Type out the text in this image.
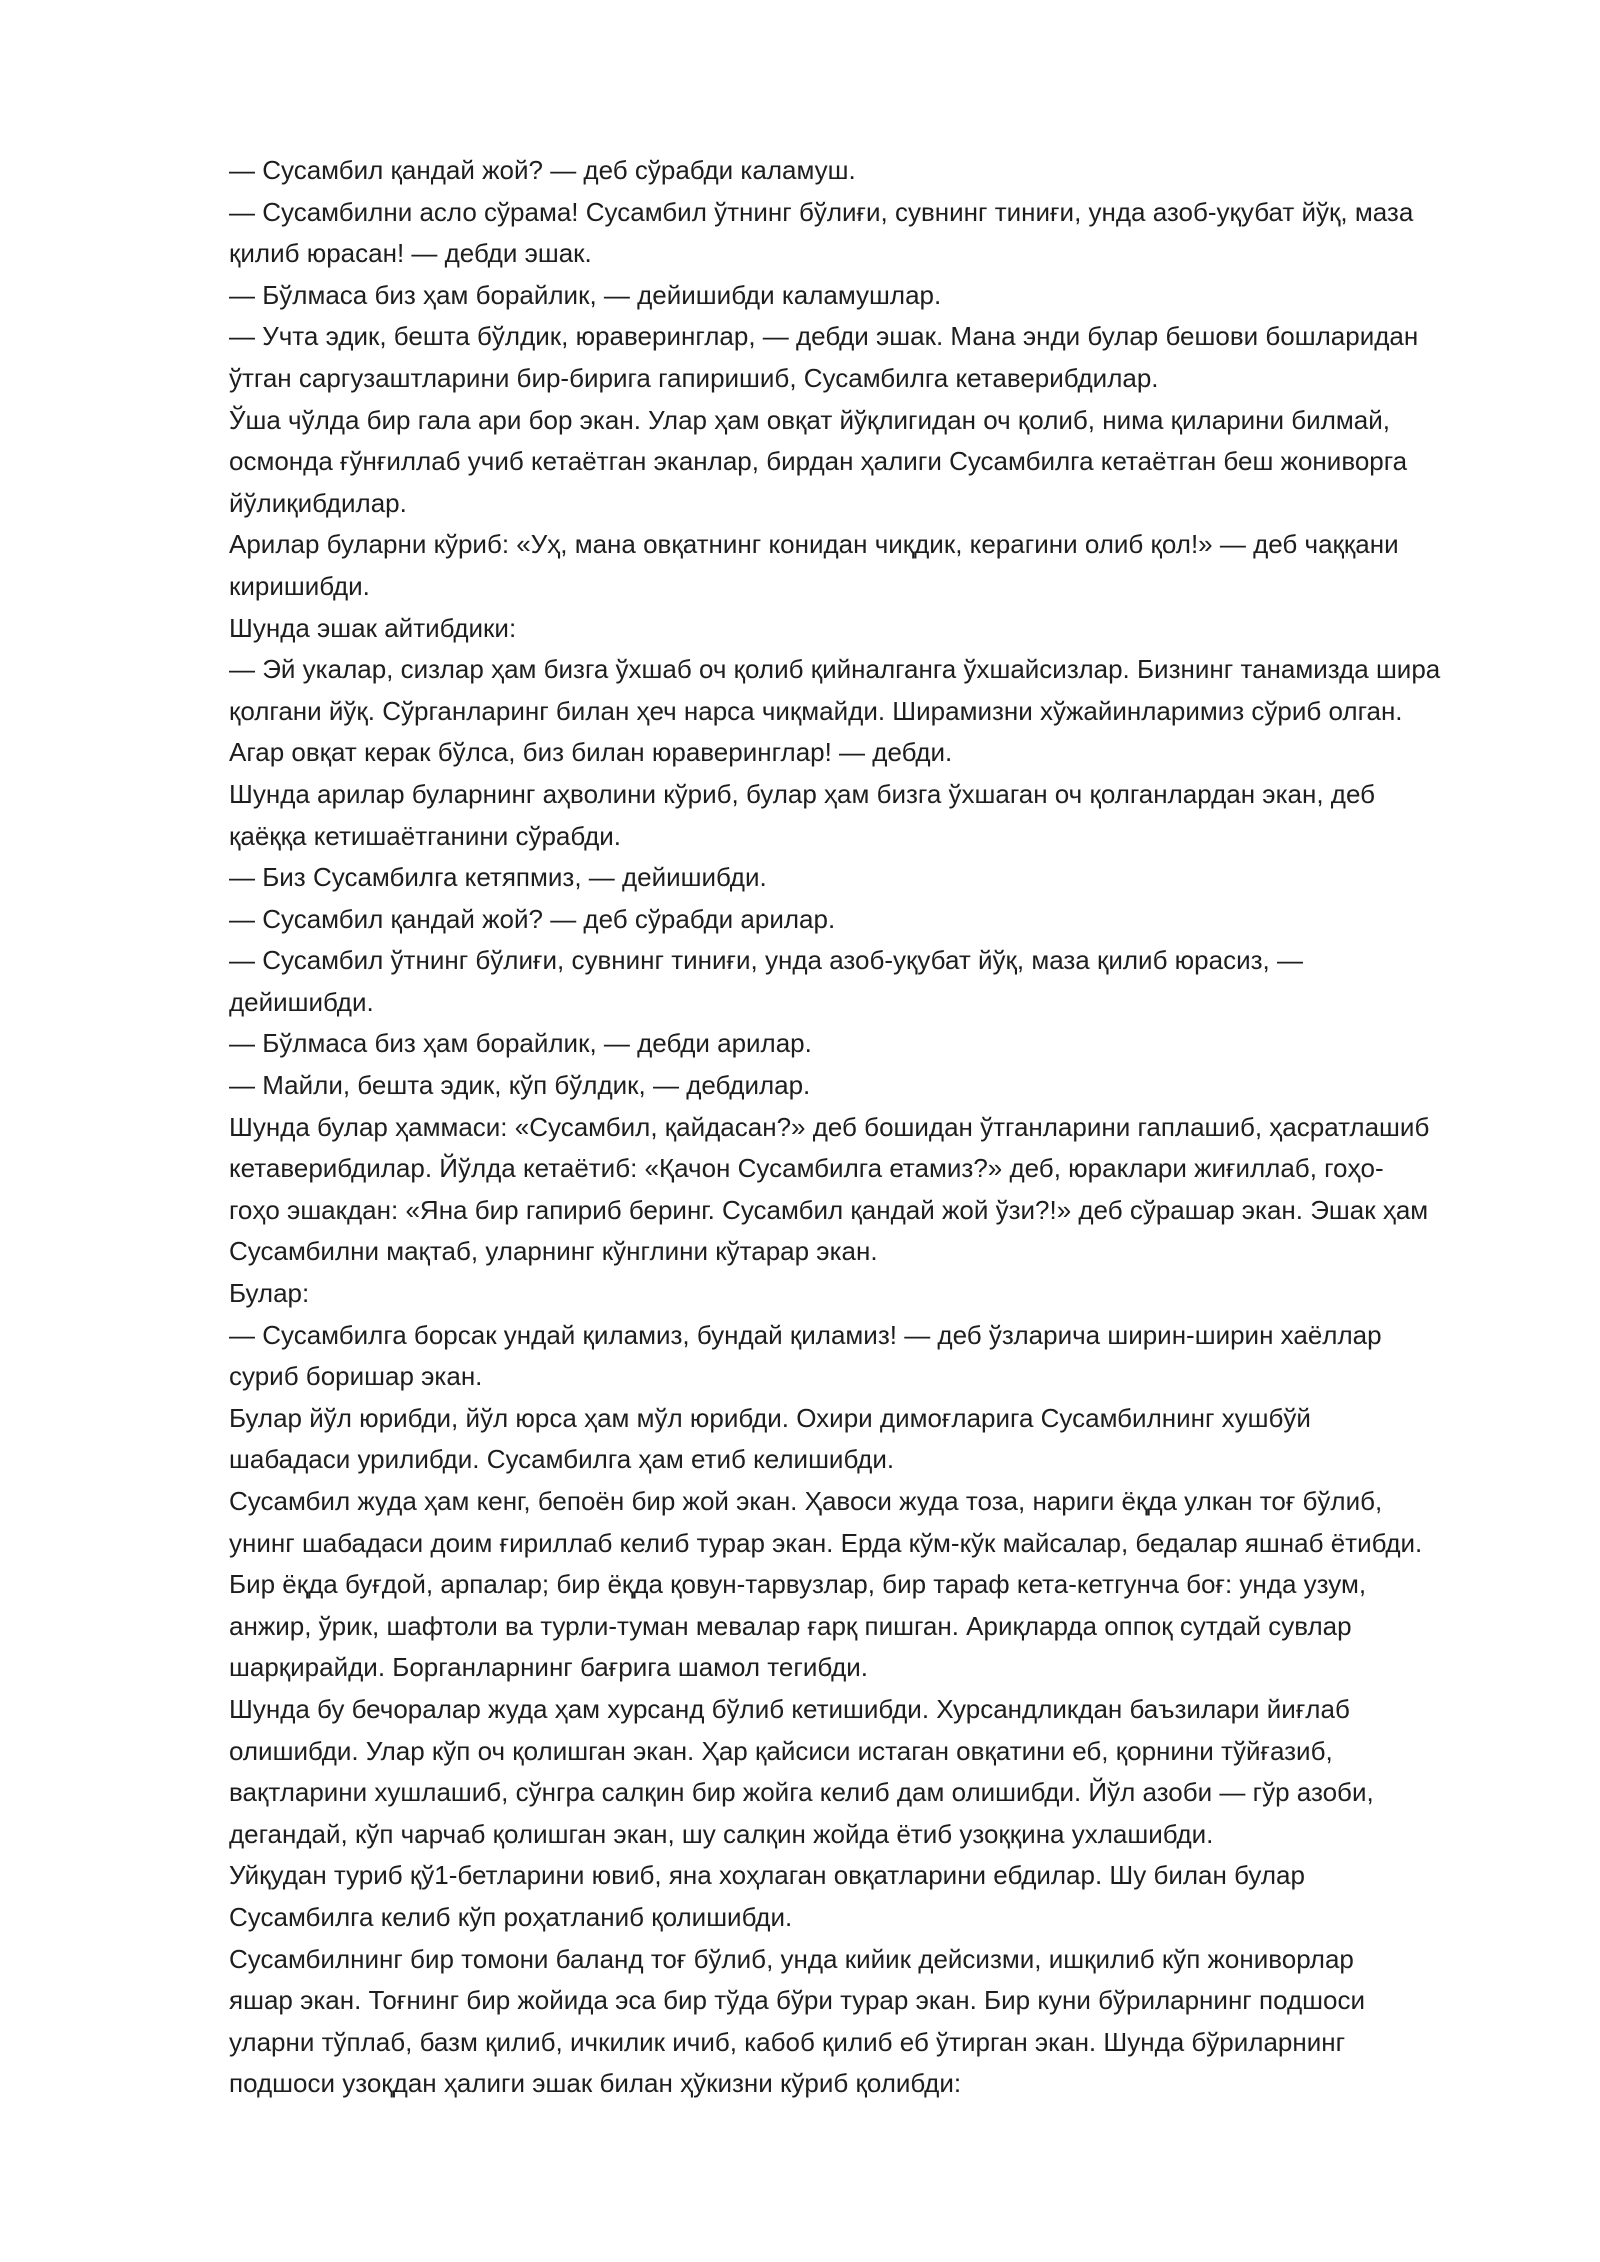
— Сусамбил қандай жой? — деб сўрабди каламуш.

— Сусамбилни асло сўрама! Сусамбил ўтнинг бўлиғи, сувнинг тиниғи, унда азоб-уқубат йўқ, маза

қилиб юрасан! — дебди эшак.

— Бўлмаса биз ҳам борайлик, — дейишибди каламушлар.

— Учта эдик, бешта бўлдик, юраверинглар, — дебди эшак. Мана энди булар бешови бошларидан

ўтган саргузаштларини бир-бирига гапиришиб, Сусамбилга кетаверибдилар.

Ўша чўлда бир гала ари бор экан. Улар ҳам овқат йўқлигидан оч қолиб, нима қиларини билмай,

осмонда ғўнғиллаб учиб кетаётган эканлар, бирдан ҳалиги Сусамбилга кетаётган беш жониворга

йўлиқибдилар.

Арилар буларни кўриб: «Уҳ, мана овқатнинг конидан чиқдик, керагини олиб қол!» — деб чаққани

киришибди.

Шунда эшак айтибдики:

— Эй укалар, сизлар ҳам бизга ўхшаб оч қолиб қийналганга ўхшайсизлар. Бизнинг танамизда шира

қолгани йўқ. Сўрганларинг билан ҳеч нарса чиқмайди. Ширамизни хўжайинларимиз сўриб олган.

Агар овқат керак бўлса, биз билан юраверинглар! — дебди.

Шунда арилар буларнинг аҳволини кўриб, булар ҳам бизга ўхшаган оч қолганлардан экан, деб

қаёққа кетишаётганини сўрабди.

— Биз Сусамбилга кетяпмиз, — дейишибди.

— Сусамбил қандай жой? — деб сўрабди арилар.

— Сусамбил ўтнинг бўлиғи, сувнинг тиниғи, унда азоб-уқубат йўқ, маза қилиб юрасиз, —

дейишибди.

— Бўлмаса биз ҳам борайлик, — дебди арилар.

— Майли, бешта эдик, кўп бўлдик, — дебдилар.

Шунда булар ҳаммаси: «Сусамбил, қайдасан?» деб бошидан ўтганларини гаплашиб, ҳасратлашиб

кетаверибдилар. Йўлда кетаётиб: «Қачон Сусамбилга етамиз?» деб, юраклари жиғиллаб, гоҳо-

гоҳо эшакдан: «Яна бир гапириб беринг. Сусамбил қандай жой ўзи?!» деб сўрашар экан. Эшак ҳам

Сусамбилни мақтаб, уларнинг кўнглини кўтарар экан.

Булар:

— Сусамбилга борсак ундай қиламиз, бундай қиламиз! — деб ўзларича ширин-ширин хаёллар

суриб боришар экан.

Булар йўл юрибди, йўл юрса ҳам мўл юрибди. Охири димоғларига Сусамбилнинг хушбўй

шабадаси урилибди. Сусамбилга ҳам етиб келишибди.

Сусамбил жуда ҳам кенг, бепоён бир жой экан. Ҳавоси жуда тоза, нариги ёқда улкан тоғ бўлиб,

унинг шабадаси доим ғириллаб келиб турар экан. Ерда кўм-кўк майсалар, бедалар яшнаб ётибди.

Бир ёқда буғдой, арпалар; бир ёқда қовун-тарвузлар, бир тараф кета-кетгунча боғ: унда узум,

анжир, ўрик, шафтоли ва турли-туман мевалар ғарқ пишган. Ариқларда оппоқ сутдай сувлар

шарқирайди. Борганларнинг бағрига шамол тегибди.

Шунда бу бечоралар жуда ҳам хурсанд бўлиб кетишибди. Хурсандликдан баъзилари йиғлаб

олишибди. Улар кўп оч қолишган экан. Ҳар қайсиси истаган овқатини еб, қорнини тўйғазиб,

вақтларини хушлашиб, сўнгра салқин бир жойга келиб дам олишибди. Йўл азоби — гўр азоби,

дегандай, кўп чарчаб қолишган экан, шу салқин жойда ётиб узоққина ухлашибди.

Уйқудан туриб қў1-бетларини ювиб, яна хоҳлаган овқатларини ебдилар. Шу билан булар

Сусамбилга келиб кўп роҳатланиб қолишибди.

Сусамбилнинг бир томони баланд тоғ бўлиб, унда кийик дейсизми, ишқилиб кўп жониворлар

яшар экан. Тоғнинг бир жойида эса бир тўда бўри турар экан. Бир куни бўриларнинг подшоси

уларни тўплаб, базм қилиб, ичкилик ичиб, кабоб қилиб еб ўтирган экан. Шунда бўриларнинг

подшоси узоқдан ҳалиги эшак билан ҳўкизни кўриб қолибди:
